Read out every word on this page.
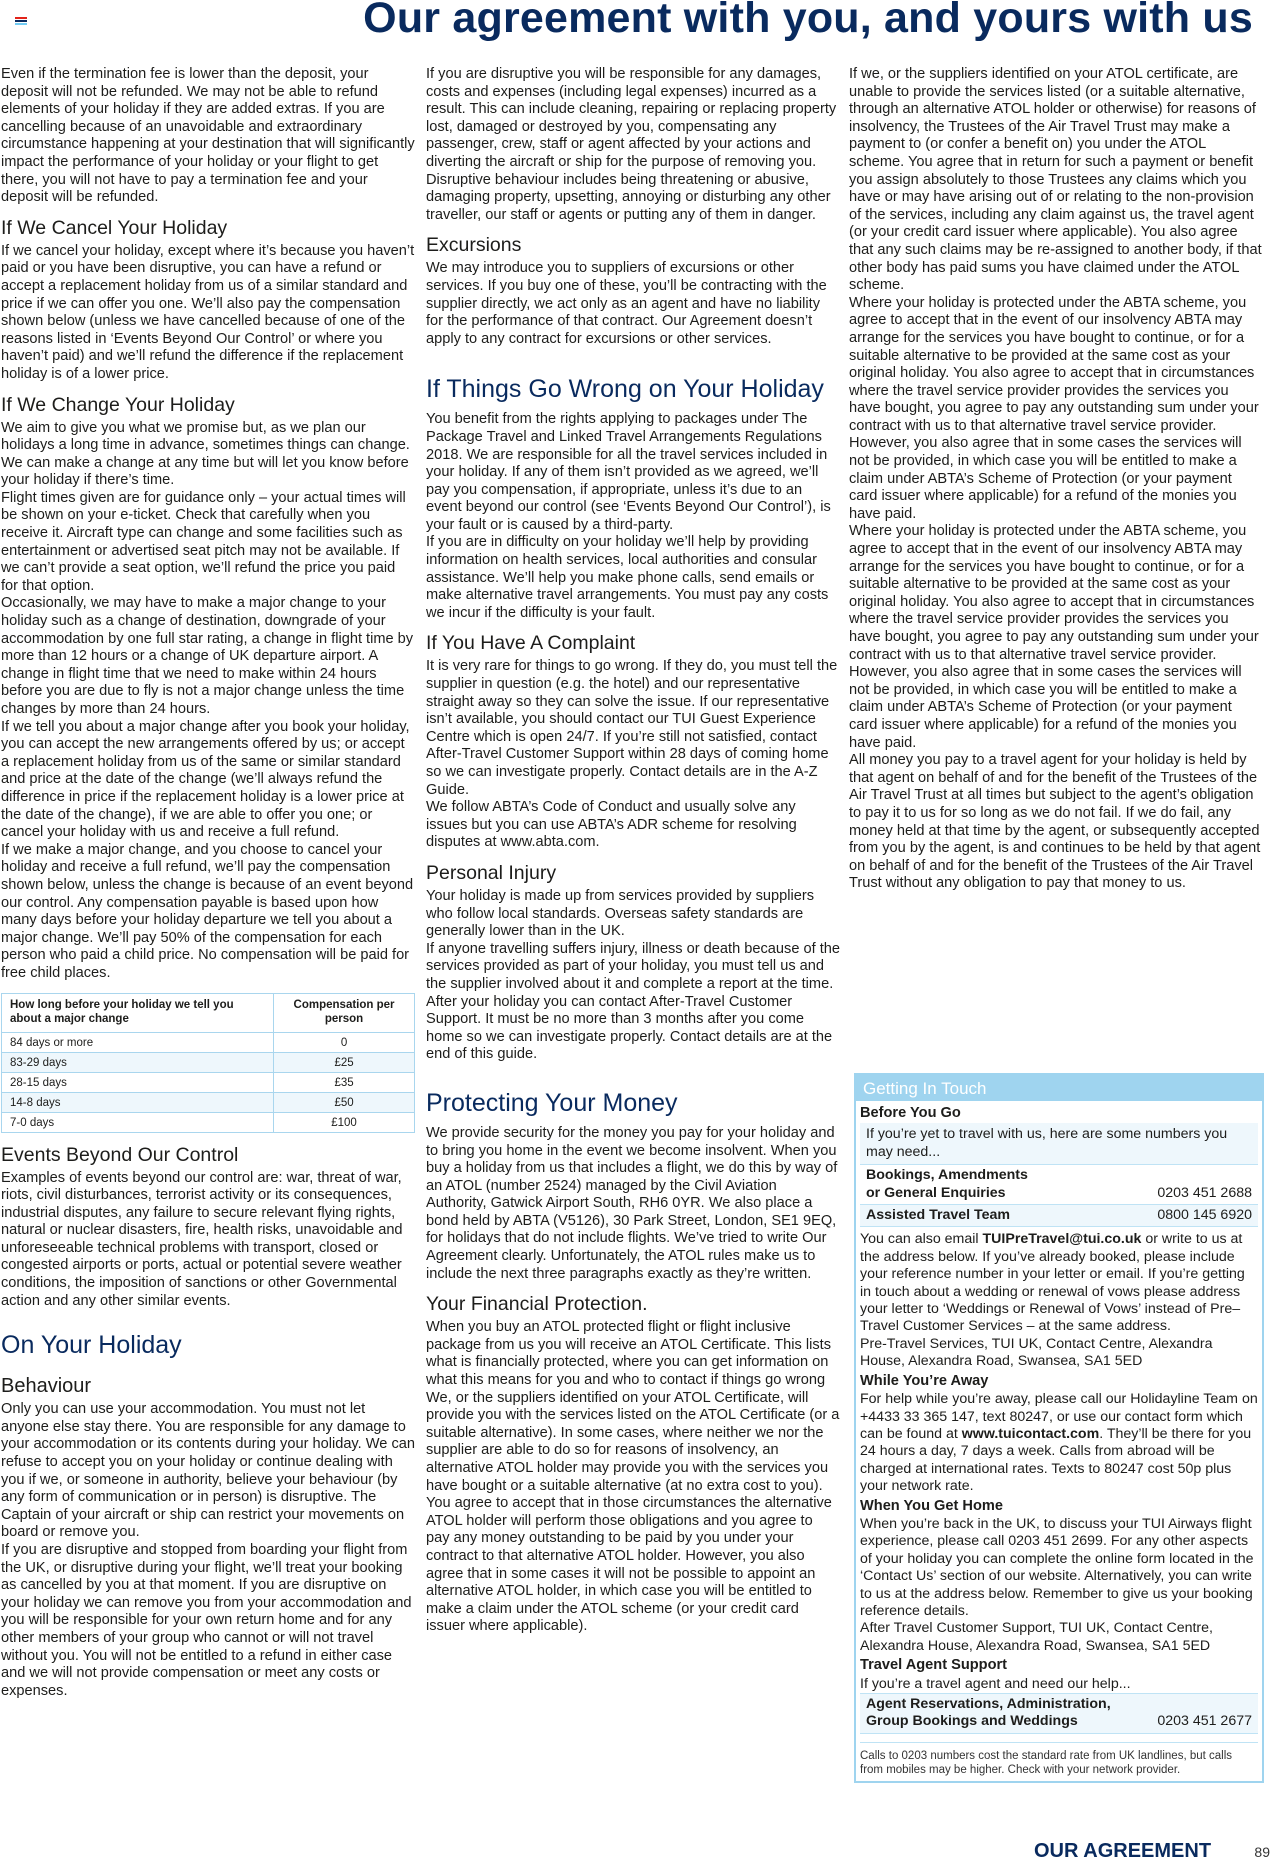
Our agreement with you, and yours with us

Even if the termination fee is lower than the deposit, your deposit will not be refunded. We may not be able to refund elements of your holiday if they are added extras. If you are cancelling because of an unavoidable and extraordinary circumstance happening at your destination that will significantly impact the performance of your holiday or your flight to get there, you will not have to pay a termination fee and your deposit will be refunded.

If We Cancel Your Holiday

If we cancel your holiday, except where it’s because you haven’t paid or you have been disruptive, you can have a refund or accept a replacement holiday from us of a similar standard and price if we can offer you one. We’ll also pay the compensation shown below (unless we have cancelled because of one of the reasons listed in ‘Events Beyond Our Control’ or where you haven’t paid) and we’ll refund the difference if the replacement holiday is of a lower price.

If We Change Your Holiday

We aim to give you what we promise but, as we plan our holidays a long time in advance, sometimes things can change. We can make a change at any time but will let you know before your holiday if there’s time.

Flight times given are for guidance only – your actual times will be shown on your e-ticket. Check that carefully when you receive it. Aircraft type can change and some facilities such as entertainment or advertised seat pitch may not be available. If we can’t provide a seat option, we’ll refund the price you paid for that option.

Occasionally, we may have to make a major change to your holiday such as a change of destination, downgrade of your accommodation by one full star rating, a change in flight time by more than 12 hours or a change of UK departure airport. A change in flight time that we need to make within 24 hours before you are due to fly is not a major change unless the time changes by more than 24 hours.

If we tell you about a major change after you book your holiday, you can accept the new arrangements offered by us; or accept a replacement holiday from us of the same or similar standard and price at the date of the change (we’ll always refund the difference in price if the replacement holiday is a lower price at the date of the change), if we are able to offer you one; or cancel your holiday with us and receive a full refund.

If we make a major change, and you choose to cancel your holiday and receive a full refund, we’ll pay the compensation shown below, unless the change is because of an event beyond our control. Any compensation payable is based upon how many days before your holiday departure we tell you about a major change. We’ll pay 50% of the compensation for each person who paid a child price. No compensation will be paid for free child places.

How long before your holiday we tell you about a major change	Compensation per person
84 days or more	0
83-29 days	£25
28-15 days	£35
14-8 days	£50
7-0 days	£100
Events Beyond Our Control

Examples of events beyond our control are: war, threat of war, riots, civil disturbances, terrorist activity or its consequences, industrial disputes, any failure to secure relevant flying rights, natural or nuclear disasters, fire, health risks, unavoidable and unforeseeable technical problems with transport, closed or congested airports or ports, actual or potential severe weather conditions, the imposition of sanctions or other Governmental action and any other similar events.

On Your Holiday
Behaviour

Only you can use your accommodation. You must not let anyone else stay there. You are responsible for any damage to your accommodation or its contents during your holiday. We can refuse to accept you on your holiday or continue dealing with you if we, or someone in authority, believe your behaviour (by any form of communication or in person) is disruptive. The Captain of your aircraft or ship can restrict your movements on board or remove you.

If you are disruptive and stopped from boarding your flight from the UK, or disruptive during your flight, we’ll treat your booking as cancelled by you at that moment. If you are disruptive on your holiday we can remove you from your accommodation and you will be responsible for your own return home and for any other members of your group who cannot or will not travel without you. You will not be entitled to a refund in either case and we will not provide compensation or meet any costs or expenses.

If you are disruptive you will be responsible for any damages, costs and expenses (including legal expenses) incurred as a result. This can include cleaning, repairing or replacing property lost, damaged or destroyed by you, compensating any passenger, crew, staff or agent affected by your actions and diverting the aircraft or ship for the purpose of removing you.

Disruptive behaviour includes being threatening or abusive, damaging property, upsetting, annoying or disturbing any other traveller, our staff or agents or putting any of them in danger.

Excursions

We may introduce you to suppliers of excursions or other services. If you buy one of these, you’ll be contracting with the supplier directly, we act only as an agent and have no liability for the performance of that contract. Our Agreement doesn’t apply to any contract for excursions or other services.

If Things Go Wrong on Your Holiday

You benefit from the rights applying to packages under The Package Travel and Linked Travel Arrangements Regulations 2018. We are responsible for all the travel services included in your holiday. If any of them isn’t provided as we agreed, we’ll pay you compensation, if appropriate, unless it’s due to an event beyond our control (see ‘Events Beyond Our Control’), is your fault or is caused by a third-party.

If you are in difficulty on your holiday we’ll help by providing information on health services, local authorities and consular assistance. We’ll help you make phone calls, send emails or make alternative travel arrangements. You must pay any costs we incur if the difficulty is your fault.

If You Have A Complaint

It is very rare for things to go wrong. If they do, you must tell the supplier in question (e.g. the hotel) and our representative straight away so they can solve the issue. If our representative isn’t available, you should contact our TUI Guest Experience Centre which is open 24/7. If you’re still not satisfied, contact After-Travel Customer Support within 28 days of coming home so we can investigate properly. Contact details are in the A-Z Guide.

We follow ABTA’s Code of Conduct and usually solve any issues but you can use ABTA’s ADR scheme for resolving disputes at www.abta.com.

Personal Injury

Your holiday is made up from services provided by suppliers who follow local standards. Overseas safety standards are generally lower than in the UK.

If anyone travelling suffers injury, illness or death because of the services provided as part of your holiday, you must tell us and the supplier involved about it and complete a report at the time.

After your holiday you can contact After-Travel Customer Support. It must be no more than 3 months after you come home so we can investigate properly. Contact details are at the end of this guide.

Protecting Your Money

We provide security for the money you pay for your holiday and to bring you home in the event we become insolvent. When you buy a holiday from us that includes a flight, we do this by way of an ATOL (number 2524) managed by the Civil Aviation Authority, Gatwick Airport South, RH6 0YR. We also place a bond held by ABTA (V5126), 30 Park Street, London, SE1 9EQ, for holidays that do not include flights. We’ve tried to write Our Agreement clearly. Unfortunately, the ATOL rules make us to include the next three paragraphs exactly as they’re written.

Your Financial Protection.

When you buy an ATOL protected flight or flight inclusive package from us you will receive an ATOL Certificate. This lists what is financially protected, where you can get information on what this means for you and who to contact if things go wrong

We, or the suppliers identified on your ATOL Certificate, will provide you with the services listed on the ATOL Certificate (or a suitable alternative). In some cases, where neither we nor the supplier are able to do so for reasons of insolvency, an alternative ATOL holder may provide you with the services you have bought or a suitable alternative (at no extra cost to you). You agree to accept that in those circumstances the alternative ATOL holder will perform those obligations and you agree to pay any money outstanding to be paid by you under your contract to that alternative ATOL holder. However, you also agree that in some cases it will not be possible to appoint an alternative ATOL holder, in which case you will be entitled to make a claim under the ATOL scheme (or your credit card issuer where applicable).

If we, or the suppliers identified on your ATOL certificate, are unable to provide the services listed (or a suitable alternative, through an alternative ATOL holder or otherwise) for reasons of insolvency, the Trustees of the Air Travel Trust may make a payment to (or confer a benefit on) you under the ATOL scheme. You agree that in return for such a payment or benefit you assign absolutely to those Trustees any claims which you have or may have arising out of or relating to the non-provision of the services, including any claim against us, the travel agent (or your credit card issuer where applicable). You also agree that any such claims may be re-assigned to another body, if that other body has paid sums you have claimed under the ATOL scheme.

Where your holiday is protected under the ABTA scheme, you agree to accept that in the event of our insolvency ABTA may arrange for the services you have bought to continue, or for a suitable alternative to be provided at the same cost as your original holiday. You also agree to accept that in circumstances where the travel service provider provides the services you have bought, you agree to pay any outstanding sum under your contract with us to that alternative travel service provider. However, you also agree that in some cases the services will not be provided, in which case you will be entitled to make a claim under ABTA’s Scheme of Protection (or your payment card issuer where applicable) for a refund of the monies you have paid.

Where your holiday is protected under the ABTA scheme, you agree to accept that in the event of our insolvency ABTA may arrange for the services you have bought to continue, or for a suitable alternative to be provided at the same cost as your original holiday. You also agree to accept that in circumstances where the travel service provider provides the services you have bought, you agree to pay any outstanding sum under your contract with us to that alternative travel service provider. However, you also agree that in some cases the services will not be provided, in which case you will be entitled to make a claim under ABTA’s Scheme of Protection (or your payment card issuer where applicable) for a refund of the monies you have paid.

All money you pay to a travel agent for your holiday is held by that agent on behalf of and for the benefit of the Trustees of the Air Travel Trust at all times but subject to the agent’s obligation to pay it to us for so long as we do not fail. If we do fail, any money held at that time by the agent, or subsequently accepted from you by the agent, is and continues to be held by that agent on behalf of and for the benefit of the Trustees of the Air Travel Trust without any obligation to pay that money to us.

Getting In Touch
Before You Go
If you’re yet to travel with us, here are some numbers you may need...
Bookings, Amendments
or General Enquiries	0203 451 2688
Assisted Travel Team	0800 145 6920

You can also email TUIPreTravel@tui.co.uk or write to us at the address below. If you’ve already booked, please include your reference number in your letter or email. If you’re getting in touch about a wedding or renewal of vows please address your letter to ‘Weddings or Renewal of Vows’ instead of Pre–Travel Customer Services – at the same address.

Pre-Travel Services, TUI UK, Contact Centre, Alexandra House, Alexandra Road, Swansea, SA1 5ED

While You’re Away

For help while you’re away, please call our Holidayline Team on +4433 33 365 147, text 80247, or use our contact form which can be found at www.tuicontact.com. They’ll be there for you 24 hours a day, 7 days a week. Calls from abroad will be charged at international rates. Texts to 80247 cost 50p plus your network rate.

When You Get Home

When you’re back in the UK, to discuss your TUI Airways flight experience, please call 0203 451 2699. For any other aspects of your holiday you can complete the online form located in the ‘Contact Us’ section of our website. Alternatively, you can write to us at the address below. Remember to give us your booking reference details.

After Travel Customer Support, TUI UK, Contact Centre, Alexandra House, Alexandra Road, Swansea, SA1 5ED

Travel Agent Support

If you’re a travel agent and need our help...

Agent Reservations, Administration,
Group Bookings and Weddings	0203 451 2677
Calls to 0203 numbers cost the standard rate from UK landlines, but calls from mobiles may be higher. Check with your network provider.
OUR AGREEMENT	89
